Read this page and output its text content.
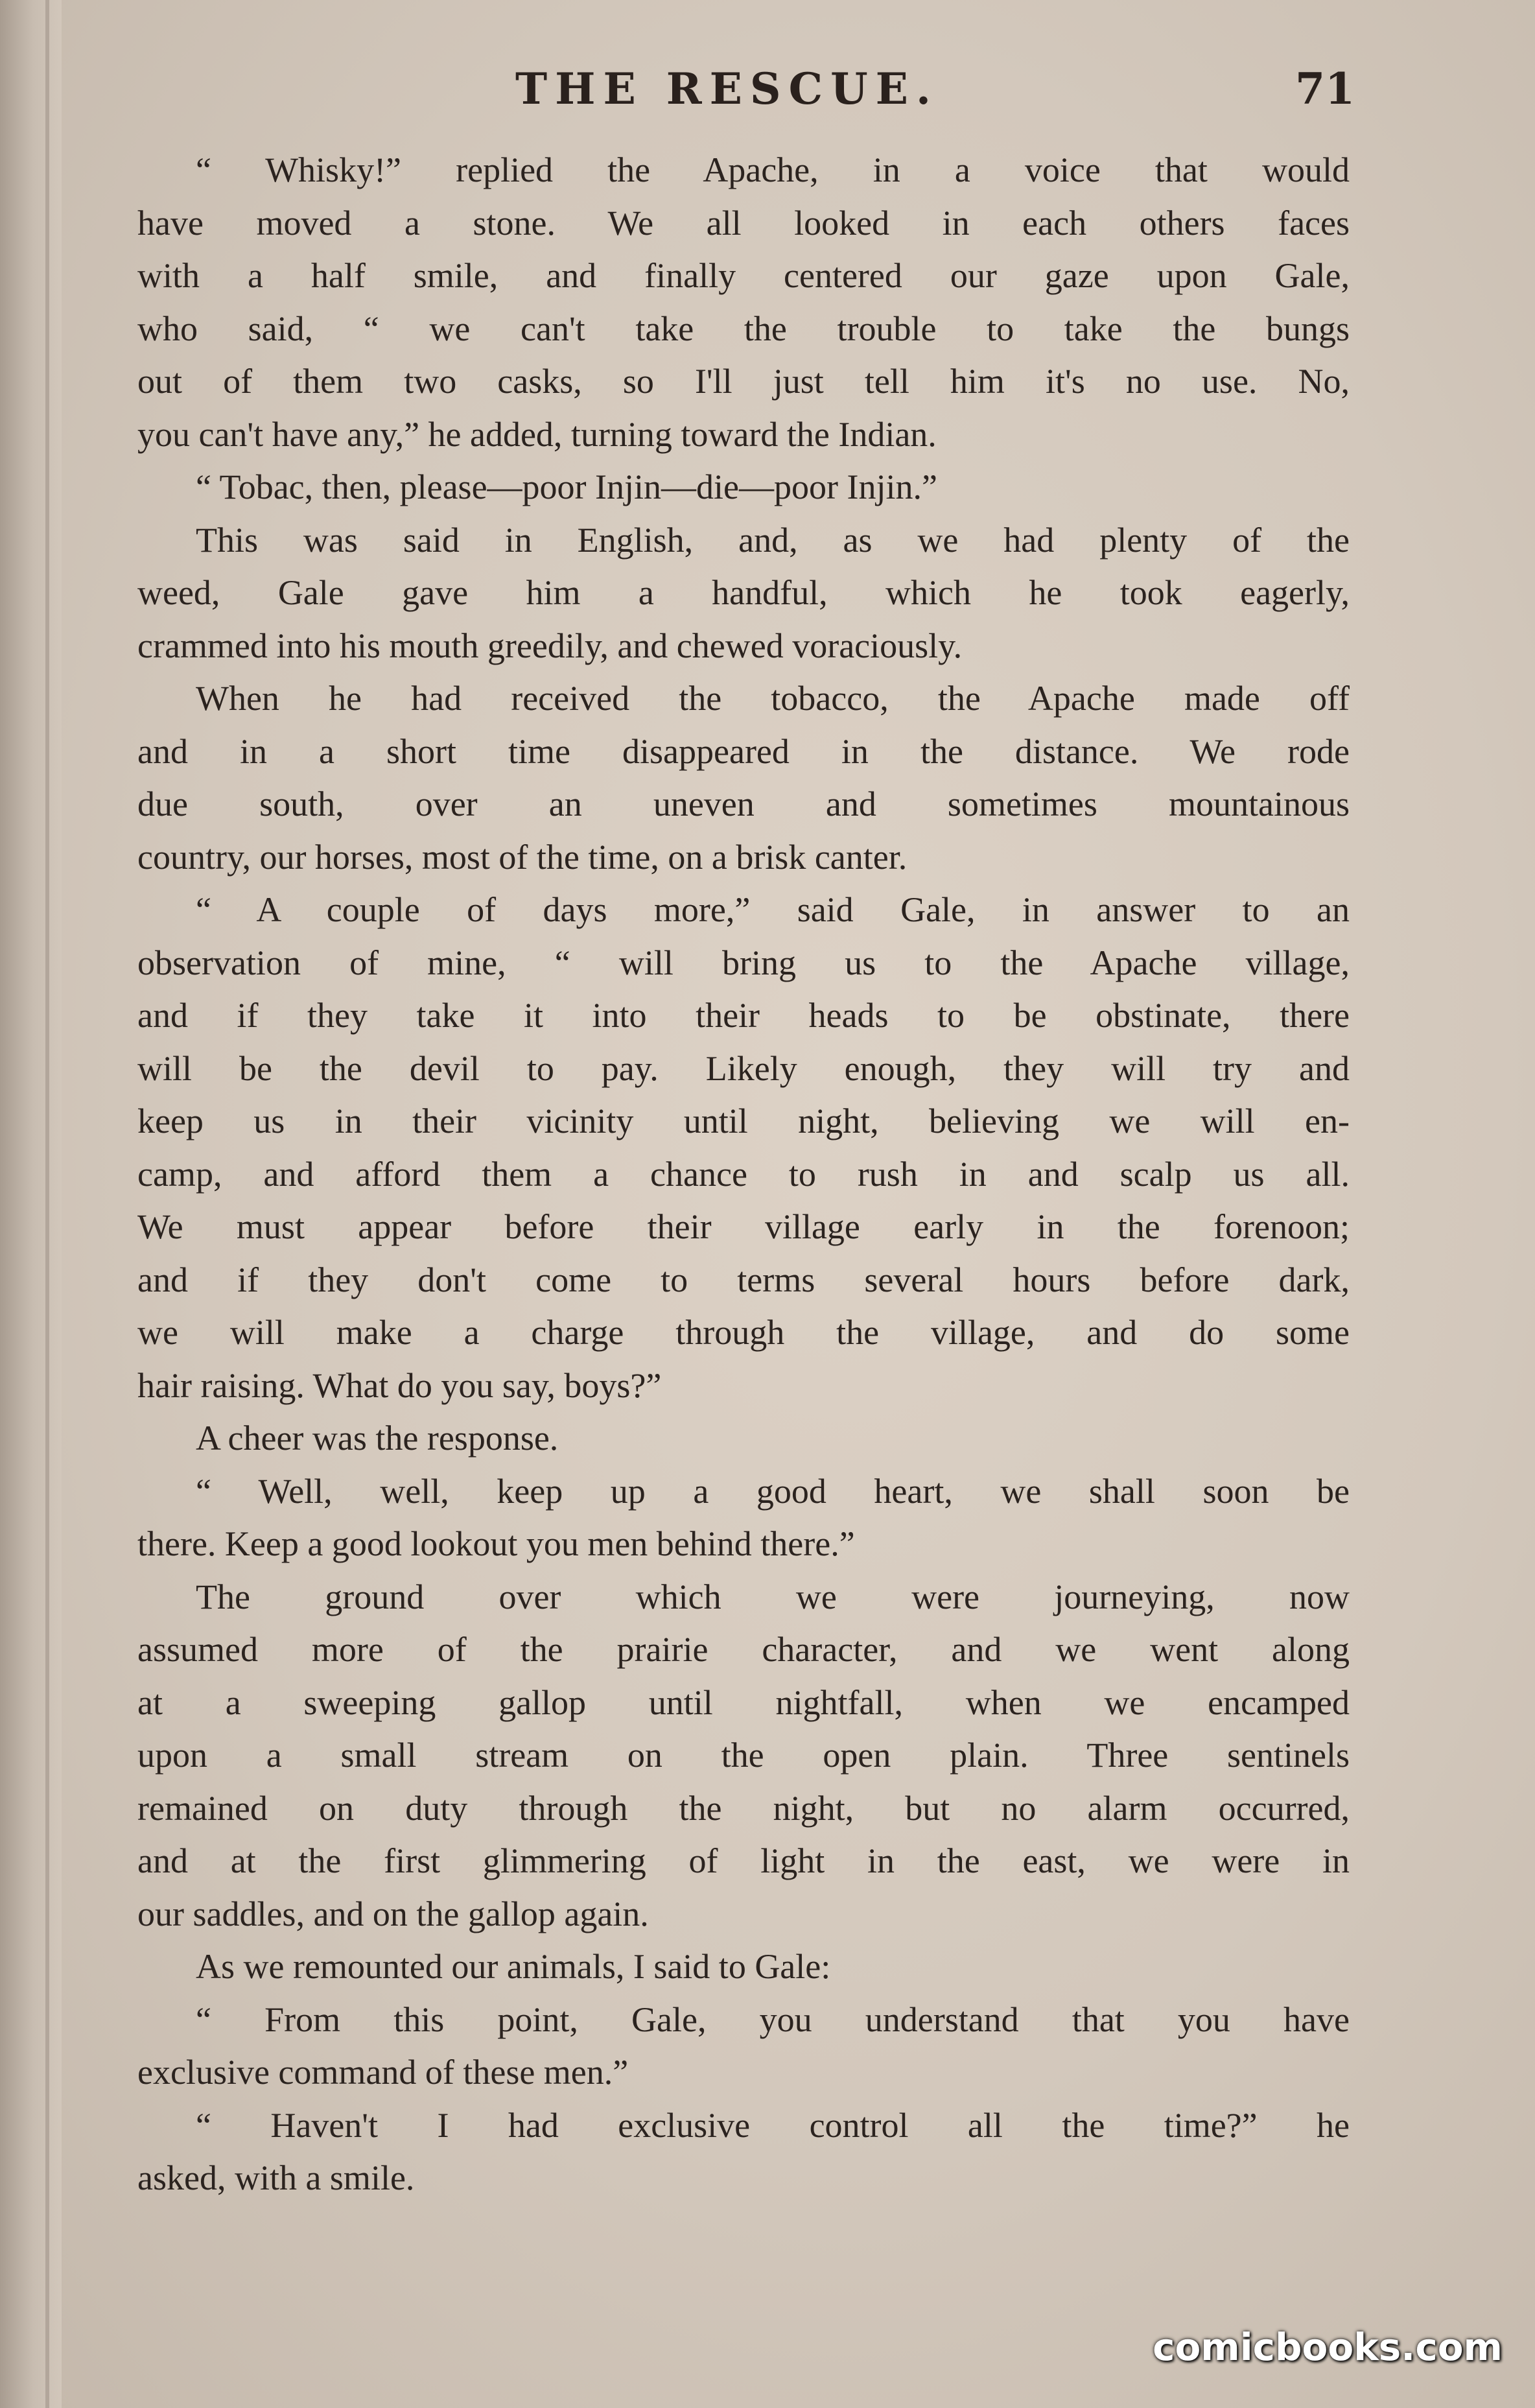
THE RESCUE.	71

“ Whisky!” replied the Apache, in a voice that would

have moved a stone. We all looked in each others faces

with a half smile, and finally centered our gaze upon Gale,

who said, “ we can't take the trouble to take the bungs

out of them two casks, so I'll just tell him it's no use. No,

you can't have any,” he added, turning toward the Indian.

“ Tobac, then, please—poor Injin—die—poor Injin.”

This was said in English, and, as we had plenty of the

weed, Gale gave him a handful, which he took eagerly,

crammed into his mouth greedily, and chewed voraciously.

When he had received the tobacco, the Apache made off

and in a short time disappeared in the distance. We rode

due south, over an uneven and sometimes mountainous

country, our horses, most of the time, on a brisk canter.

“ A couple of days more,” said Gale, in answer to an

observation of mine, “ will bring us to the Apache village,

and if they take it into their heads to be obstinate, there

will be the devil to pay. Likely enough, they will try and

keep us in their vicinity until night, believing we will en-

camp, and afford them a chance to rush in and scalp us all.

We must appear before their village early in the forenoon;

and if they don't come to terms several hours before dark,

we will make a charge through the village, and do some

hair raising. What do you say, boys?”

A cheer was the response.

“ Well, well, keep up a good heart, we shall soon be

there. Keep a good lookout you men behind there.”

The ground over which we were journeying, now

assumed more of the prairie character, and we went along

at a sweeping gallop until nightfall, when we encamped

upon a small stream on the open plain. Three sentinels

remained on duty through the night, but no alarm occurred,

and at the first glimmering of light in the east, we were in

our saddles, and on the gallop again.

As we remounted our animals, I said to Gale:

“ From this point, Gale, you understand that you have

exclusive command of these men.”

“ Haven't I had exclusive control all the time?” he

asked, with a smile.

comicbooks.com
